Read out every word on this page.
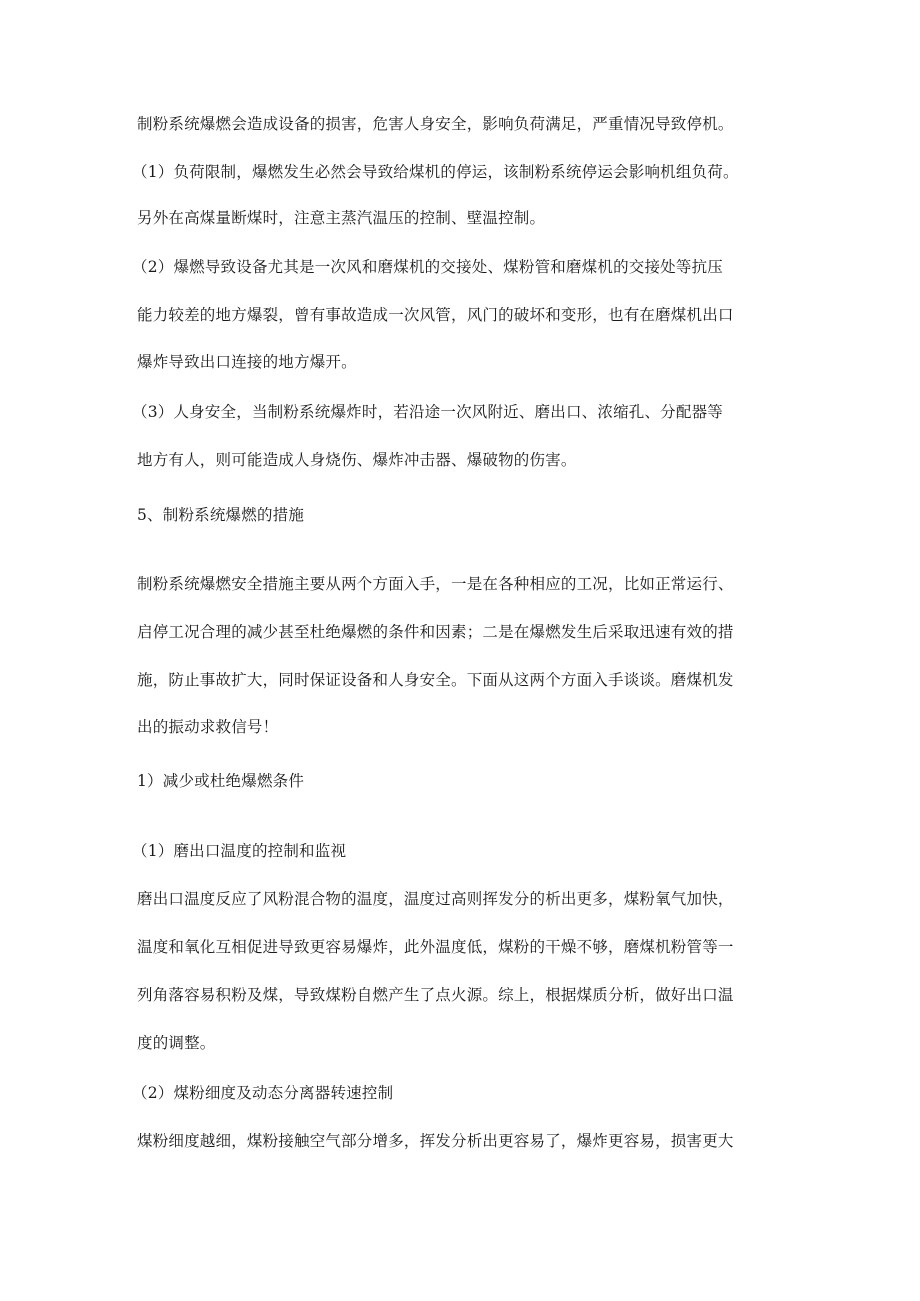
制粉系统爆燃会造成设备的损害，危害人身安全，影响负荷满足，严重情况导致停机。
（1）负荷限制，爆燃发生必然会导致给煤机的停运，该制粉系统停运会影响机组负荷。
另外在高煤量断煤时，注意主蒸汽温压的控制、壁温控制。
（2）爆燃导致设备尤其是一次风和磨煤机的交接处、煤粉管和磨煤机的交接处等抗压
能力较差的地方爆裂，曾有事故造成一次风管，风门的破坏和变形，也有在磨煤机出口
爆炸导致出口连接的地方爆开。
（3）人身安全，当制粉系统爆炸时，若沿途一次风附近、磨出口、浓缩孔、分配器等
地方有人，则可能造成人身烧伤、爆炸冲击器、爆破物的伤害。
5、制粉系统爆燃的措施
制粉系统爆燃安全措施主要从两个方面入手，一是在各种相应的工况，比如正常运行、
启停工况合理的减少甚至杜绝爆燃的条件和因素；二是在爆燃发生后采取迅速有效的措
施，防止事故扩大，同时保证设备和人身安全。下面从这两个方面入手谈谈。磨煤机发
出的振动求救信号！
1）减少或杜绝爆燃条件
（1）磨出口温度的控制和监视
磨出口温度反应了风粉混合物的温度，温度过高则挥发分的析出更多，煤粉氧气加快，
温度和氧化互相促进导致更容易爆炸，此外温度低，煤粉的干燥不够，磨煤机粉管等一
列角落容易积粉及煤，导致煤粉自燃产生了点火源。综上，根据煤质分析，做好出口温
度的调整。
（2）煤粉细度及动态分离器转速控制
煤粉细度越细，煤粉接触空气部分增多，挥发分析出更容易了，爆炸更容易，损害更大
